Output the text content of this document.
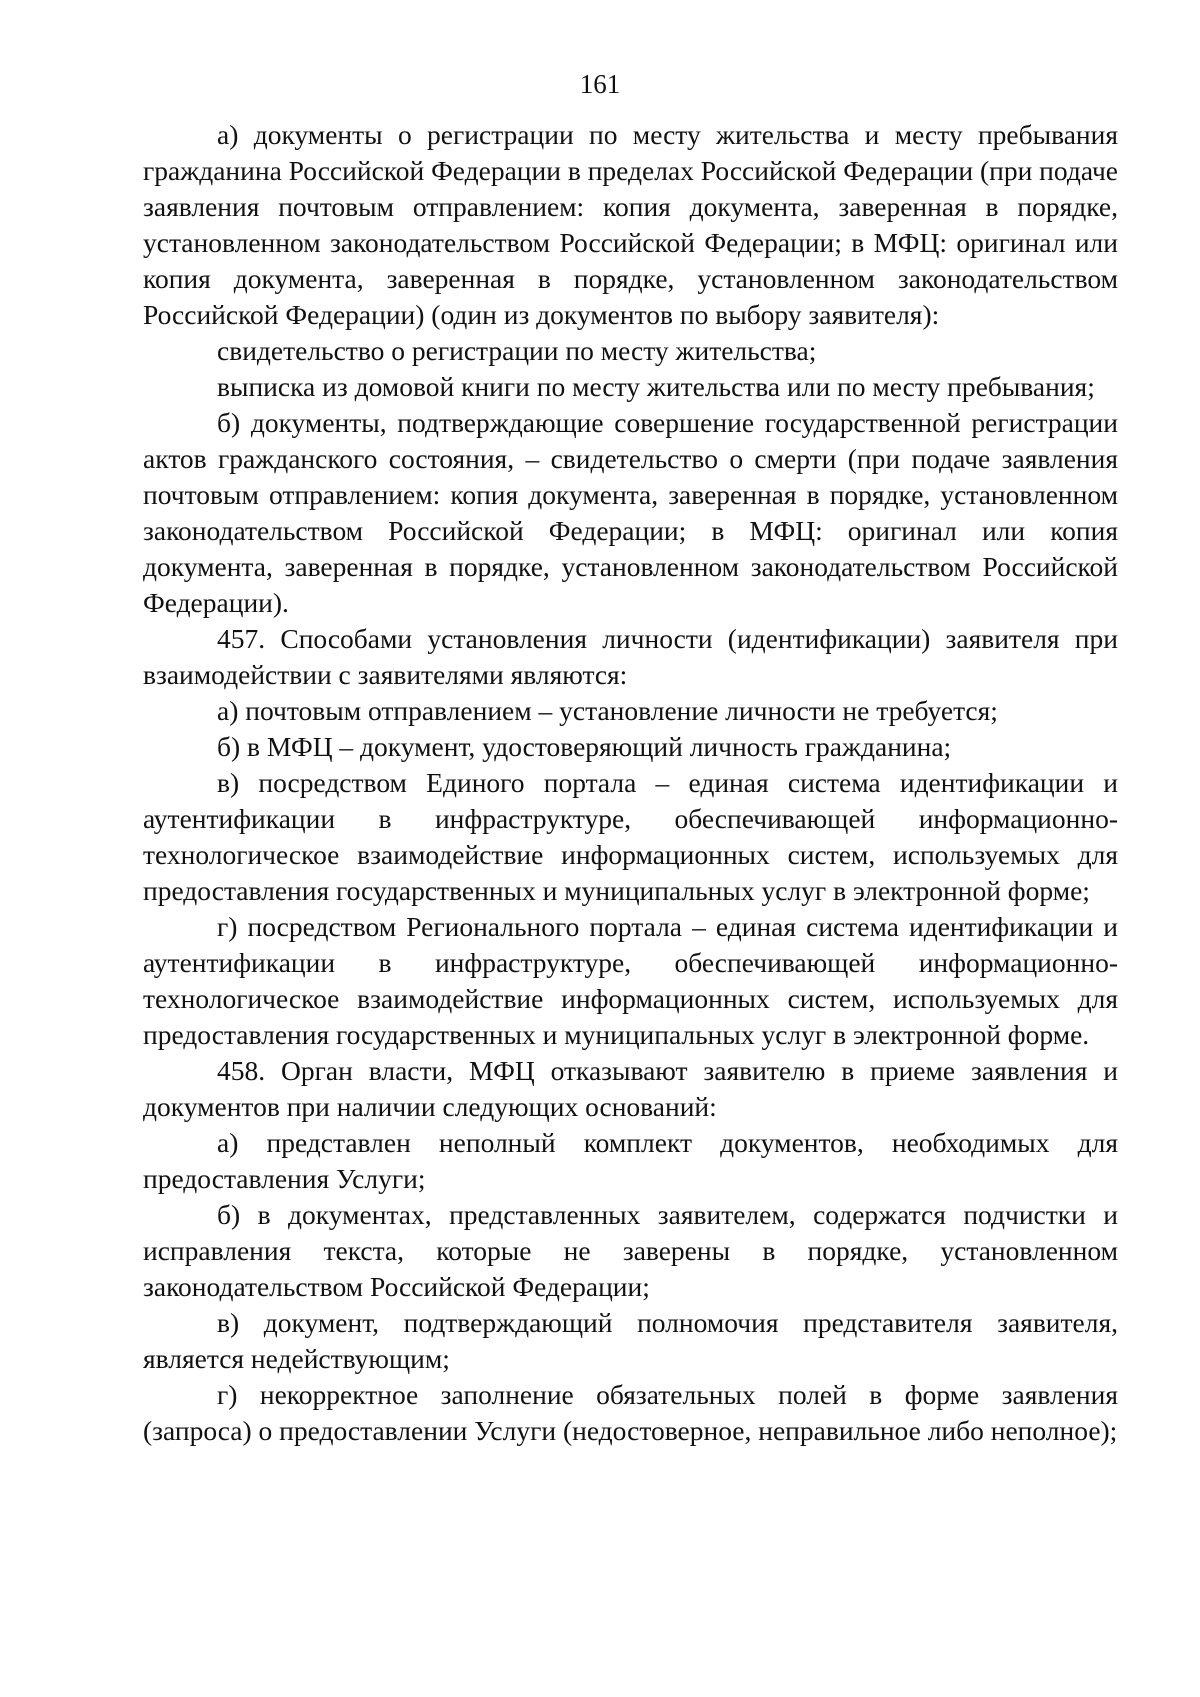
161

а) документы о регистрации по месту жительства и месту пребывания гражданина Российской Федерации в пределах Российской Федерации (при подаче заявления почтовым отправлением: копия документа, заверенная в порядке, установленном законодательством Российской Федерации; в МФЦ: оригинал или копия документа, заверенная в порядке, установленном законодательством Российской Федерации) (один из документов по выбору заявителя):

свидетельство о регистрации по месту жительства;

выписка из домовой книги по месту жительства или по месту пребывания;

б) документы, подтверждающие совершение государственной регистрации актов гражданского состояния, – свидетельство о смерти (при подаче заявления почтовым отправлением: копия документа, заверенная в порядке, установленном законодательством Российской Федерации; в МФЦ: оригинал или копия документа, заверенная в порядке, установленном законодательством Российской Федерации).

457. Способами установления личности (идентификации) заявителя при взаимодействии с заявителями являются:

а) почтовым отправлением – установление личности не требуется;

б) в МФЦ – документ, удостоверяющий личность гражданина;

в) посредством Единого портала – единая система идентификации и аутентификации в инфраструктуре, обеспечивающей информационно-технологическое взаимодействие информационных систем, используемых для предоставления государственных и муниципальных услуг в электронной форме;

г) посредством Регионального портала – единая система идентификации и аутентификации в инфраструктуре, обеспечивающей информационно-технологическое взаимодействие информационных систем, используемых для предоставления государственных и муниципальных услуг в электронной форме.

458. Орган власти, МФЦ отказывают заявителю в приеме заявления и документов при наличии следующих оснований:

а) представлен неполный комплект документов, необходимых для предоставления Услуги;

б) в документах, представленных заявителем, содержатся подчистки и исправления текста, которые не заверены в порядке, установленном законодательством Российской Федерации;

в) документ, подтверждающий полномочия представителя заявителя, является недействующим;

г) некорректное заполнение обязательных полей в форме заявления (запроса) о предоставлении Услуги (недостоверное, неправильное либо неполное);
